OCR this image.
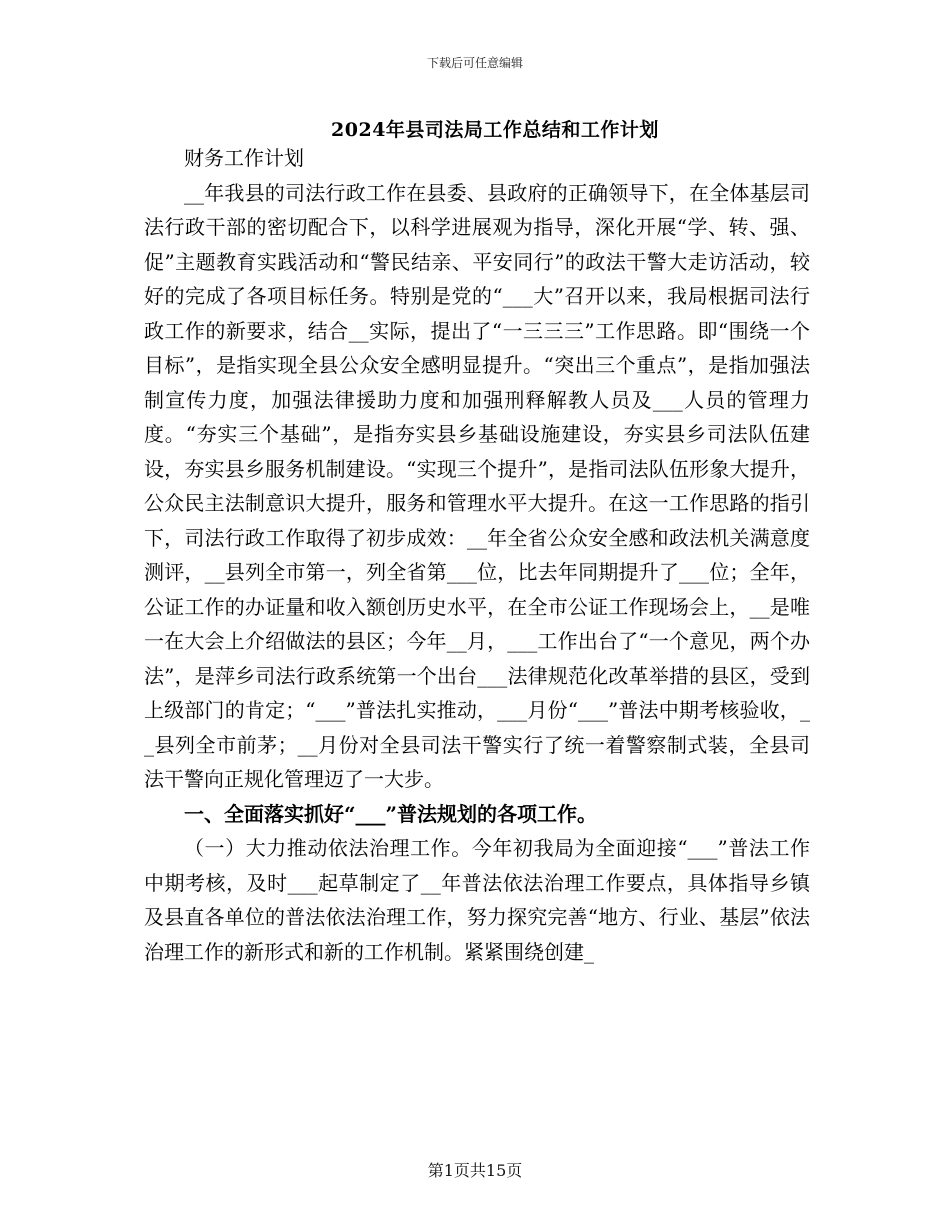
下载后可任意编辑
2024年县司法局工作总结和工作计划

财务工作计划

__年我县的司法行政工作在县委、县政府的正确领导下，在全体基层司法行政干部的密切配合下，以科学进展观为指导，深化开展“学、转、强、促”主题教育实践活动和“警民结亲、平安同行”的政法干警大走访活动，较好的完成了各项目标任务。特别是党的“___大”召开以来，我局根据司法行政工作的新要求，结合__实际，提出了“一三三三”工作思路。即“围绕一个目标”，是指实现全县公众安全感明显提升。“突出三个重点”，是指加强法制宣传力度，加强法律援助力度和加强刑释解教人员及___人员的管理力度。“夯实三个基础”，是指夯实县乡基础设施建设，夯实县乡司法队伍建设，夯实县乡服务机制建设。“实现三个提升”，是指司法队伍形象大提升，公众民主法制意识大提升，服务和管理水平大提升。在这一工作思路的指引下，司法行政工作取得了初步成效：__年全省公众安全感和政法机关满意度测评，__县列全市第一，列全省第___位，比去年同期提升了___位；全年，公证工作的办证量和收入额创历史水平，在全市公证工作现场会上，__是唯一在大会上介绍做法的县区；今年__月，___工作出台了“一个意见，两个办法”，是萍乡司法行政系统第一个出台___法律规范化改革举措的县区，受到上级部门的肯定；“___”普法扎实推动，___月份“___”普法中期考核验收，__县列全市前茅；__月份对全县司法干警实行了统一着警察制式装，全县司法干警向正规化管理迈了一大步。

一、全面落实抓好“___”普法规划的各项工作。

（一）大力推动依法治理工作。今年初我局为全面迎接“___”普法工作中期考核，及时___起草制定了__年普法依法治理工作要点，具体指导乡镇及县直各单位的普法依法治理工作，努力探究完善“地方、行业、基层”依法治理工作的新形式和新的工作机制。紧紧围绕创建_

第1页共15页
